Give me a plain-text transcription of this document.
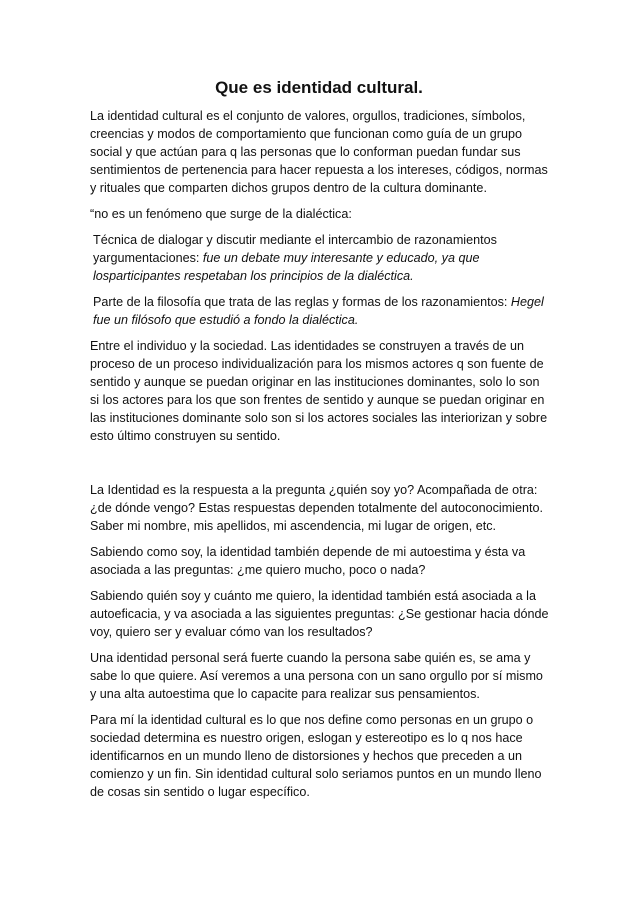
Que es identidad cultural.

La identidad cultural es el conjunto de valores, orgullos, tradiciones, símbolos, creencias y modos de comportamiento que funcionan como guía de un grupo social y que actúan para q las personas que lo conforman puedan fundar sus sentimientos de pertenencia para hacer repuesta a los intereses, códigos, normas y rituales que comparten dichos grupos dentro de la cultura dominante.

“no es un fenómeno que surge de la dialéctica:

Técnica de dialogar y discutir mediante el intercambio de razonamientos yargumentaciones: fue un debate muy interesante y educado, ya que losparticipantes respetaban los principios de la dialéctica.

Parte de la filosofía que trata de las reglas y formas de los razonamientos: Hegel fue un filósofo que estudió a fondo la dialéctica.

Entre el individuo y la sociedad. Las identidades se construyen a través de un proceso de un proceso individualización para los mismos actores q son fuente de sentido y aunque se puedan originar en las instituciones dominantes, solo lo son si los actores para los que son frentes de sentido y aunque se puedan originar en las instituciones dominante solo son si los actores sociales las interiorizan y sobre esto último construyen su sentido.

La Identidad es la respuesta a la pregunta ¿quién soy yo? Acompañada de otra: ¿de dónde vengo? Estas respuestas dependen totalmente del autoconocimiento. Saber mi nombre, mis apellidos, mi ascendencia, mi lugar de origen, etc.

Sabiendo como soy, la identidad también depende de mi autoestima y ésta va asociada a las preguntas: ¿me quiero mucho, poco o nada?

Sabiendo quién soy y cuánto me quiero, la identidad también está asociada a la autoeficacia, y va asociada a las siguientes preguntas: ¿Se gestionar hacia dónde voy, quiero ser y evaluar cómo van los resultados?

Una identidad personal será fuerte cuando la persona sabe quién es, se ama y sabe lo que quiere. Así veremos a una persona con un sano orgullo por sí mismo y una alta autoestima que lo capacite para realizar sus pensamientos.

Para mí la identidad cultural es lo que nos define como personas en un grupo o sociedad determina es nuestro origen, eslogan y estereotipo es lo q nos hace identificarnos en un mundo lleno de distorsiones y hechos que preceden a un comienzo y un fin. Sin identidad cultural solo seriamos puntos en un mundo lleno de cosas sin sentido o lugar específico.
